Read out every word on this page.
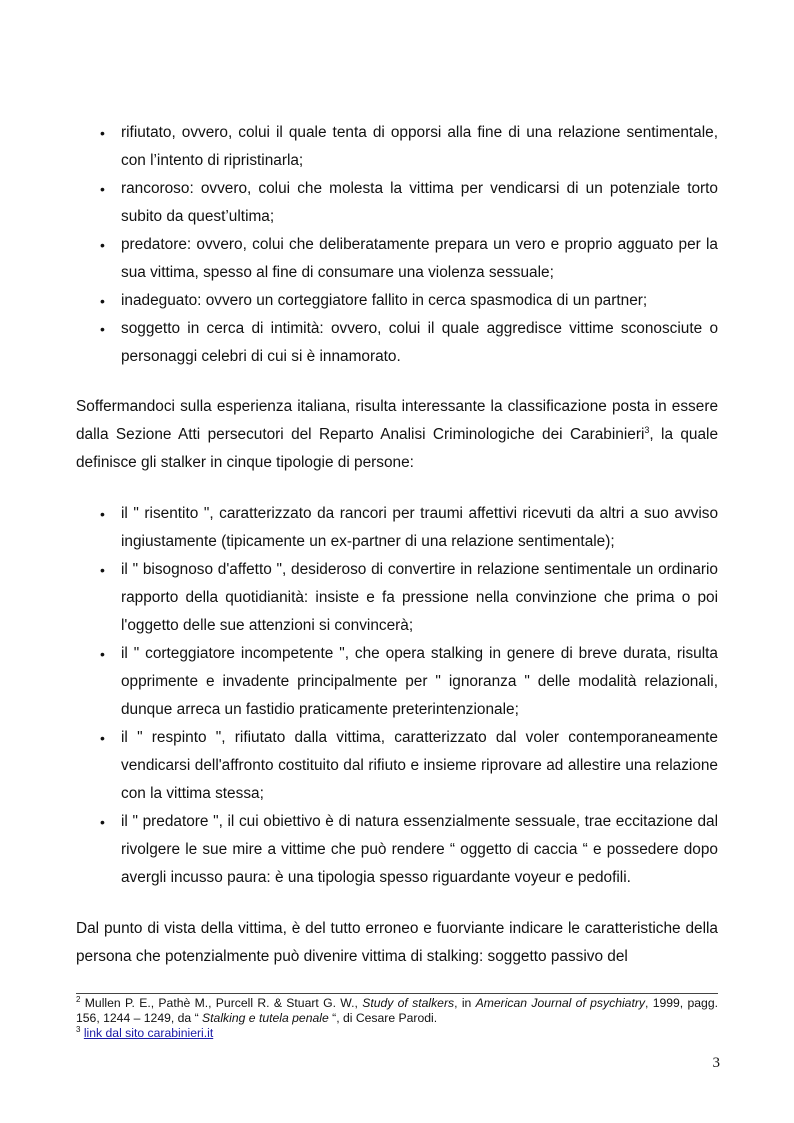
• rifiutato, ovvero, colui il quale tenta di opporsi alla fine di una relazione sentimentale, con l’intento di ripristinarla;
• rancoroso: ovvero, colui che molesta la vittima per vendicarsi di un potenziale torto subito da quest’ultima;
• predatore: ovvero, colui che deliberatamente prepara un vero e proprio agguato per la sua vittima, spesso al fine di consumare una violenza sessuale;
• inadeguato: ovvero un corteggiatore fallito in cerca spasmodica di un partner;
• soggetto in cerca di intimità: ovvero, colui il quale aggredisce vittime sconosciute o personaggi celebri di cui si è innamorato.

Soffermandoci sulla esperienza italiana, risulta interessante la classificazione posta in essere dalla Sezione Atti persecutori del Reparto Analisi Criminologiche dei Carabinieri$^3$, la quale definisce gli stalker in cinque tipologie di persone:

• il " risentito ", caratterizzato da rancori per traumi affettivi ricevuti da altri a suo avviso ingiustamente (tipicamente un ex-partner di una relazione sentimentale);
• il " bisognoso d'affetto ", desideroso di convertire in relazione sentimentale un ordinario rapporto della quotidianità: insiste e fa pressione nella convinzione che prima o poi l'oggetto delle sue attenzioni si convincerà;
• il " corteggiatore incompetente ", che opera stalking in genere di breve durata, risulta opprimente e invadente principalmente per " ignoranza " delle modalità relazionali, dunque arreca un fastidio praticamente preterintenzionale;
• il " respinto ", rifiutato dalla vittima, caratterizzato dal voler contemporaneamente vendicarsi dell'affronto costituito dal rifiuto e insieme riprovare ad allestire una relazione con la vittima stessa;
• il " predatore ", il cui obiettivo è di natura essenzialmente sessuale, trae eccitazione dal rivolgere le sue mire a vittime che può rendere “ oggetto di caccia “ e possedere dopo avergli incusso paura: è una tipologia spesso riguardante voyeur e pedofili.

Dal punto di vista della vittima, è del tutto erroneo e fuorviante indicare le caratteristiche della persona che potenzialmente può divenire vittima di stalking: soggetto passivo del

$^2$ Mullen P. E., Pathè M., Purcell R. & Stuart G. W., Study of stalkers, in American Journal of psychiatry, 1999, pagg. 156, 1244 – 1249, da “ Stalking e tutela penale “, di Cesare Parodi.

$^3$ link dal sito carabinieri.it

3
